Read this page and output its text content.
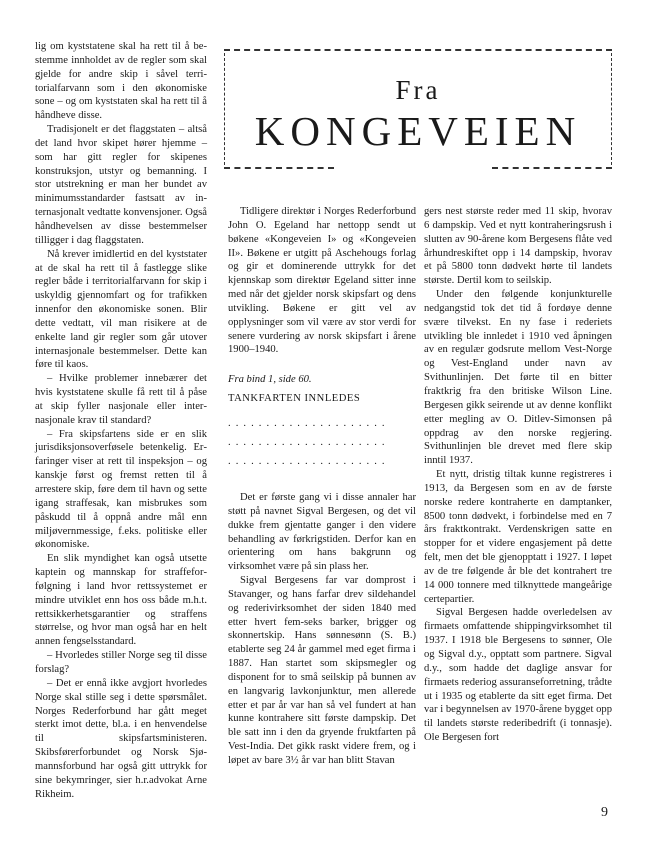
lig om kyststatene skal ha rett til å bestemme innholdet av de regler som skal gjelde for andre skip i såvel territorialfarvann som i den økonomiske sone – og om kyststaten skal ha rett til å håndheve disse.

Tradisjonelt er det flaggstaten – altså det land hvor skipet hører hjemme – som har gitt regler for skipenes konstruksjon, utstyr og bemanning. I stor utstrekning er man her bundet av minimumsstandarder fastsatt av internasjonalt vedtatte konvensjoner. Også håndhevelsen av disse bestemmelser tilligger i dag flaggstaten.

Nå krever imidlertid en del kyststater at de skal ha rett til å fastlegge slike regler både i territorialfarvann for skip i uskyldig gjennomfart og for trafikken innenfor den økonomiske sonen. Blir dette vedtatt, vil man risikere at de enkelte land gir regler som går utover internasjonale bestemmelser. Dette kan føre til kaos.

– Hvilke problemer innebærer det hvis kyststatene skulle få rett til å påse at skip fyller nasjonale eller internasjonale krav til standard?

– Fra skipsfartens side er en slik jurisdiksjonsoverføsele betenkelig. Erfaringer viser at rett til inspeksjon – og kanskje først og fremst retten til å arrestere skip, føre dem til havn og sette igang straffesak, kan misbrukes som påskudd til å oppnå andre mål enn miljøvernmessige, f.eks. politiske eller økonomiske.

En slik myndighet kan også utsette kaptein og mannskap for straffeforfølgning i land hvor rettssystemet er mindre utviklet enn hos oss både m.h.t. rettsikkerhetsgarantier og straffens størrelse, og hvor man også har en helt annen fengselsstandard.

– Hvorledes stiller Norge seg til disse forslag?

– Det er ennå ikke avgjort hvorledes Norge skal stille seg i dette spørsmålet. Norges Rederforbund har gått meget sterkt imot dette, bl.a. i en henvendelse til skipsfartsministeren. Skibsførerforbundet og Norsk Sjømannsforbund har også gitt uttrykk for sine bekymringer, sier h.r.advokat Arne Rikheim.

Fra
KONGEVEIEN

Tidligere direktør i Norges Rederforbund John O. Egeland har nettopp sendt ut bøkene «Kongeveien I» og «Kongeveien II». Bøkene er utgitt på Aschehougs forlag og gir et dominerende uttrykk for det kjennskap som direktør Egeland sitter inne med når det gjelder norsk skipsfart og dens utvikling. Bøkene er gitt vel av opplysninger som vil være av stor verdi for senere vurdering av norsk skipsfart i årene 1900–1940.

Fra bind 1, side 60.

TANKFARTEN INNLEDES

. . . . . . . . . . . . . . . . . . . . .

. . . . . . . . . . . . . . . . . . . . .

. . . . . . . . . . . . . . . . . . . . .

Det er første gang vi i disse annaler har støtt på navnet Sigval Bergesen, og det vil dukke frem gjentatte ganger i den videre behandling av førkrigstiden. Derfor kan en orientering om hans bakgrunn og virksomhet være på sin plass her.

Sigval Bergesens far var domprost i Stavanger, og hans farfar drev sildehandel og rederivirksomhet der siden 1840 med etter hvert fem-seks barker, brigger og skonnertskip. Hans sønnesønn (S. B.) etablerte seg 24 år gammel med eget firma i 1887. Han startet som skipsmegler og disponent for to små seilskip på bunnen av en langvarig lavkonjunktur, men allerede etter et par år var han så vel fundert at han kunne kontrahere sitt første dampskip. Det ble satt inn i den da gryende fruktfarten på Vest-India. Det gikk raskt videre frem, og i løpet av bare 3½ år var han blitt Stavan

gers nest største reder med 11 skip, hvorav 6 dampskip. Ved et nytt kontraheringsrush i slutten av 90-årene kom Bergesens flåte ved århundreskiftet opp i 14 dampskip, hvorav et på 5800 tonn dødvekt hørte til landets største. Dertil kom to seilskip.

Under den følgende konjunkturelle nedgangstid tok det tid å fordøye denne svære tilvekst. En ny fase i rederiets utvikling ble innledet i 1910 ved åpningen av en regulær godsrute mellom Vest-Norge og Vest-England under navn av Svithunlinjen. Det førte til en bitter fraktkrig fra den britiske Wilson Line. Bergesen gikk seirende ut av denne konflikt etter megling av O. Ditlev-Simonsen på oppdrag av den norske regjering. Svithunlinjen ble drevet med flere skip inntil 1937.

Et nytt, dristig tiltak kunne registreres i 1913, da Bergesen som en av de første norske redere kontraherte en damptanker, 8500 tonn dødvekt, i forbindelse med en 7 års fraktkontrakt. Verdenskrigen satte en stopper for et videre engasjement på dette felt, men det ble gjenopptatt i 1927. I løpet av de tre følgende år ble det kontrahert tre 14 000 tonnere med tilknyttede mangeårige certepartier.

Sigval Bergesen hadde overledelsen av firmaets omfattende shippingvirksomhet til 1937. I 1918 ble Bergesens to sønner, Ole og Sigval d.y., opptatt som partnere. Sigval d.y., som hadde det daglige ansvar for firmaets rederiog assuranseforretning, trådte ut i 1935 og etablerte da sitt eget firma. Det var i begynnelsen av 1970-årene bygget opp til landets største rederibedrift (i tonnasje). Ole Bergesen fort

9
